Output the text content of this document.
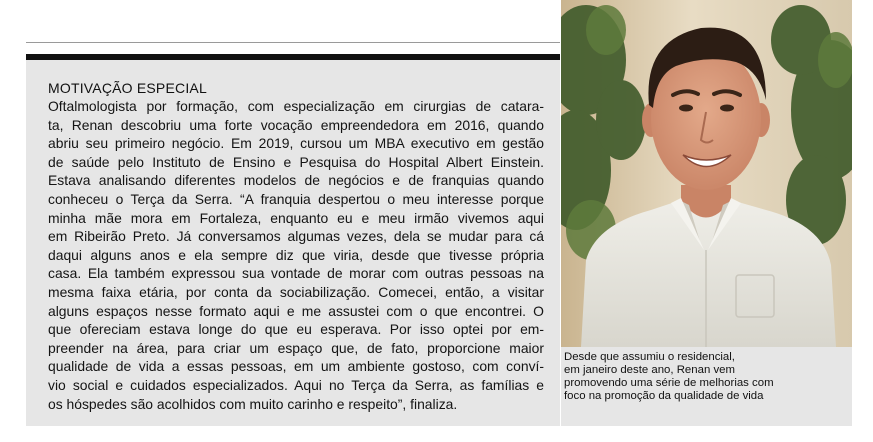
MOTIVAÇÃO ESPECIAL
Oftalmologista por formação, com especialização em cirurgias de catara-
ta, Renan descobriu uma forte vocação empreendedora em 2016, quando
abriu seu primeiro negócio. Em 2019, cursou um MBA executivo em gestão
de saúde pelo Instituto de Ensino e Pesquisa do Hospital Albert Einstein.
Estava analisando diferentes modelos de negócios e de franquias quando
conheceu o Terça da Serra. “A franquia despertou o meu interesse porque
minha mãe mora em Fortaleza, enquanto eu e meu irmão vivemos aqui
em Ribeirão Preto. Já conversamos algumas vezes, dela se mudar para cá
daqui alguns anos e ela sempre diz que viria, desde que tivesse própria
casa. Ela também expressou sua vontade de morar com outras pessoas na
mesma faixa etária, por conta da sociabilização. Comecei, então, a visitar
alguns espaços nesse formato aqui e me assustei com o que encontrei. O
que ofereciam estava longe do que eu esperava. Por isso optei por em-
preender na área, para criar um espaço que, de fato, proporcione maior
qualidade de vida a essas pessoas, em um ambiente gostoso, com conví-
vio social e cuidados especializados. Aqui no Terça da Serra, as famílias e
os hóspedes são acolhidos com muito carinho e respeito”, finaliza.
Desde que assumiu o residencial,
em janeiro deste ano, Renan vem
promovendo uma série de melhorias com
foco na promoção da qualidade de vida
